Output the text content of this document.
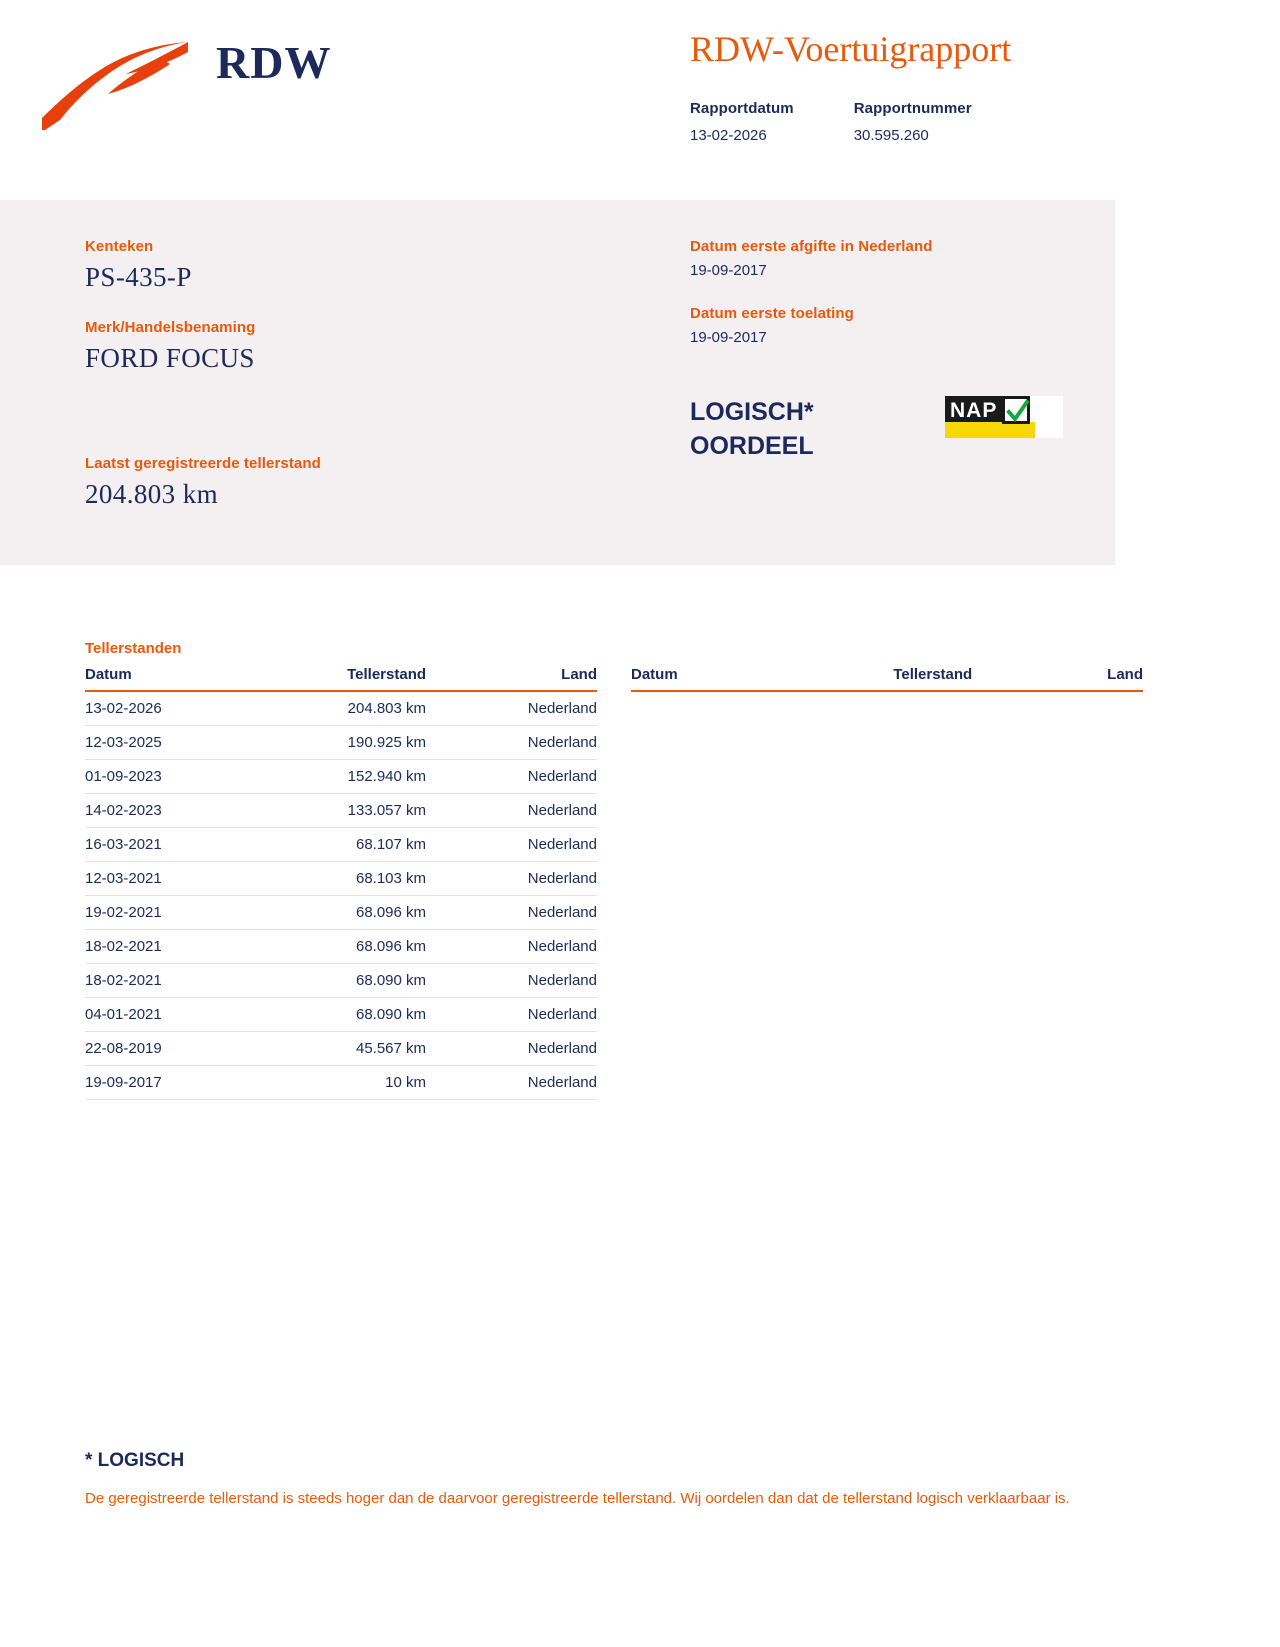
RDW	RDW-Voertuigrapport
Rapportdatum
13-02-2026
Rapportnummer
30.595.260
Kenteken
PS-435-P
Merk/Handelsbenaming
FORD FOCUS
Laatst geregistreerde tellerstand
204.803 km
Datum eerste afgifte in Nederland
19-09-2017
Datum eerste toelating
19-09-2017
LOGISCH*
OORDEEL
NAP
Tellerstanden
Datum	Tellerstand	Land
13-02-2026	204.803 km	Nederland
12-03-2025	190.925 km	Nederland
01-09-2023	152.940 km	Nederland
14-02-2023	133.057 km	Nederland
16-03-2021	68.107 km	Nederland
12-03-2021	68.103 km	Nederland
19-02-2021	68.096 km	Nederland
18-02-2021	68.096 km	Nederland
18-02-2021	68.090 km	Nederland
04-01-2021	68.090 km	Nederland
22-08-2019	45.567 km	Nederland
19-09-2017	10 km	Nederland
Datum	Tellerstand	Land
* LOGISCH
De geregistreerde tellerstand is steeds hoger dan de daarvoor geregistreerde tellerstand. Wij oordelen dan dat de tellerstand logisch verklaarbaar is.
